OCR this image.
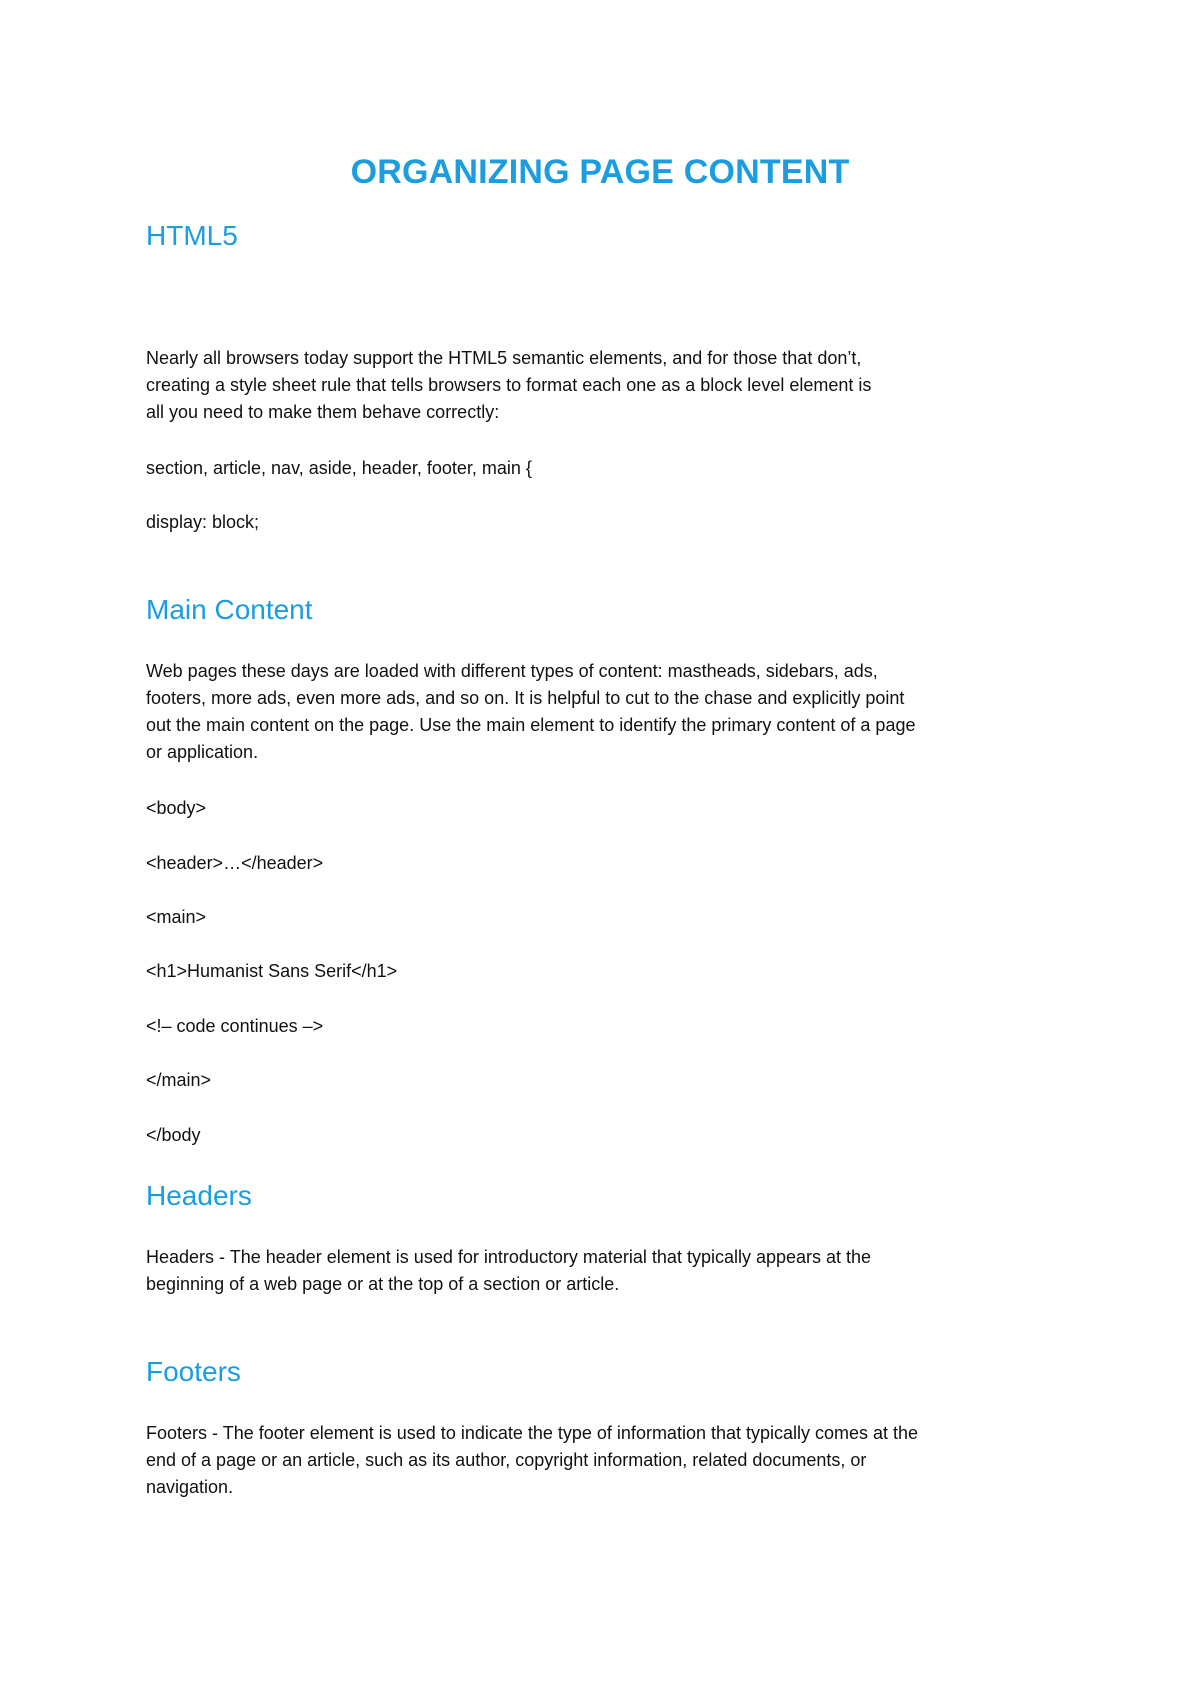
ORGANIZING PAGE CONTENT
HTML5
Nearly all browsers today support the HTML5 semantic elements, and for those that don’t,
creating a style sheet rule that tells browsers to format each one as a block level element is
all you need to make them behave correctly:
section, article, nav, aside, header, footer, main {
display: block;
Main Content
Web pages these days are loaded with different types of content: mastheads, sidebars, ads,
footers, more ads, even more ads, and so on. It is helpful to cut to the chase and explicitly point
out the main content on the page. Use the main element to identify the primary content of a page
or application.
<body>
<header>…</header>
<main>
<h1>Humanist Sans Serif</h1>
<!– code continues –>
</main>
</body
Headers
Headers - The header element is used for introductory material that typically appears at the
beginning of a web page or at the top of a section or article.
Footers
Footers - The footer element is used to indicate the type of information that typically comes at the
end of a page or an article, such as its author, copyright information, related documents, or
navigation.
